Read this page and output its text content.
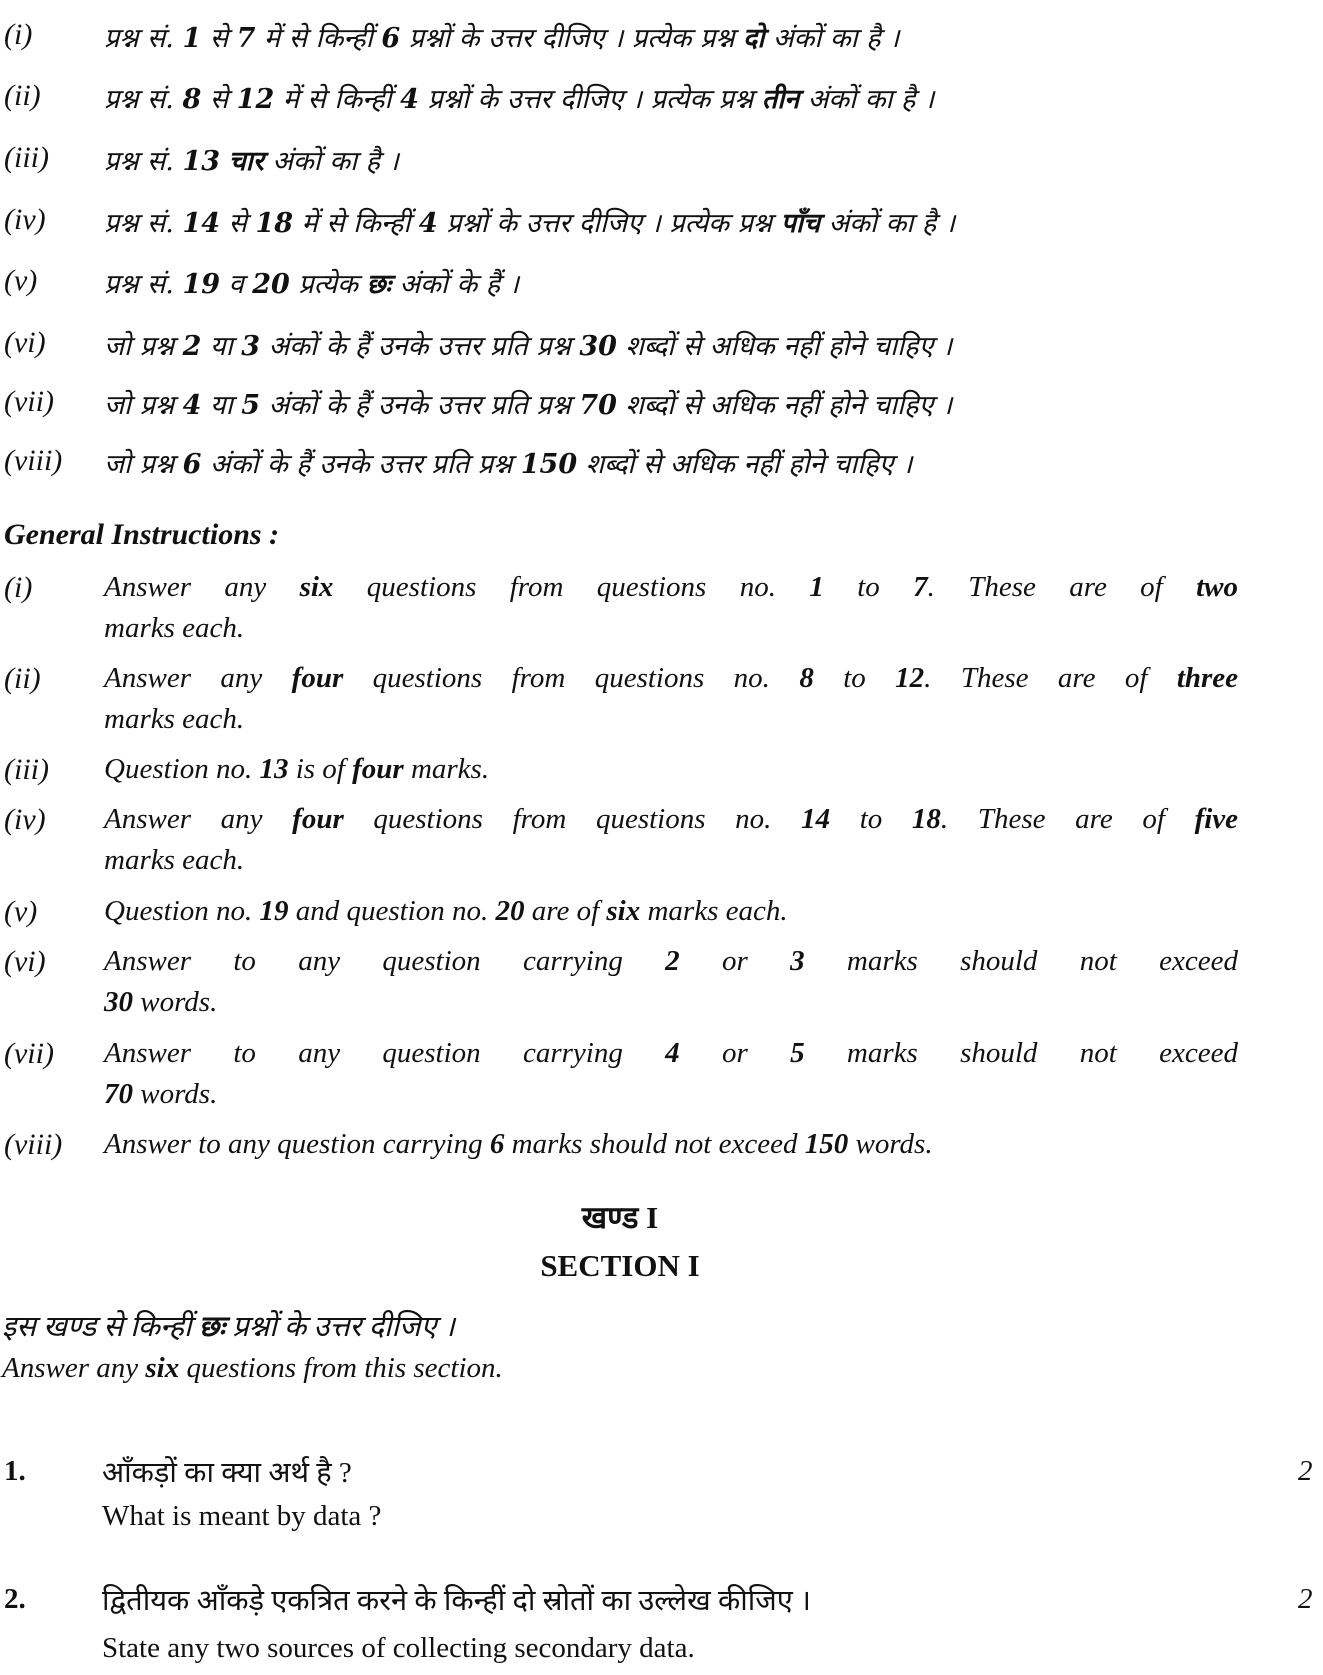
(i)	प्रश्न सं. 1 से 7 में से किन्हीं 6 प्रश्नों के उत्तर दीजिए । प्रत्येक प्रश्न दो अंकों का है ।
(ii) प्रश्न सं. 8 से 12 में से किन्हीं 4 प्रश्नों के उत्तर दीजिए । प्रत्येक प्रश्न तीन अंकों का है ।
(iii) प्रश्न सं. 13 चार अंकों का है ।
(iv) प्रश्न सं. 14 से 18 में से किन्हीं 4 प्रश्नों के उत्तर दीजिए । प्रत्येक प्रश्न पाँच अंकों का है ।
(v) प्रश्न सं. 19 व 20 प्रत्येक छः अंकों के हैं ।
(vi) जो प्रश्न 2 या 3 अंकों के हैं उनके उत्तर प्रति प्रश्न 30 शब्दों से अधिक नहीं होने चाहिए ।
(vii) जो प्रश्न 4 या 5 अंकों के हैं उनके उत्तर प्रति प्रश्न 70 शब्दों से अधिक नहीं होने चाहिए ।
(viii) जो प्रश्न 6 अंकों के हैं उनके उत्तर प्रति प्रश्न 150 शब्दों से अधिक नहीं होने चाहिए ।
General Instructions :
(i) Answer any six questions from questions no. 1 to 7. These are of two
marks each.
(ii) Answer any four questions from questions no. 8 to 12. These are of three
marks each.
(iii) Question no. 13 is of four marks.
(iv) Answer any four questions from questions no. 14 to 18. These are of five
marks each.
(v) Question no. 19 and question no. 20 are of six marks each.
(vi) Answer to any question carrying 2 or 3 marks should not exceed
30 words.
(vii) Answer to any question carrying 4 or 5 marks should not exceed
70 words.
(viii) Answer to any question carrying 6 marks should not exceed 150 words.
खण्ड I
SECTION I
इस खण्ड से किन्हीं छः प्रश्नों के उत्तर दीजिए ।
Answer any six questions from this section.
1.	आँकड़ों का क्या अर्थ है ?
What is meant by data ?
2
2.	द्वितीयक आँकड़े एकत्रित करने के किन्हीं दो स्रोतों का उल्लेख कीजिए ।
State any two sources of collecting secondary data.
2
